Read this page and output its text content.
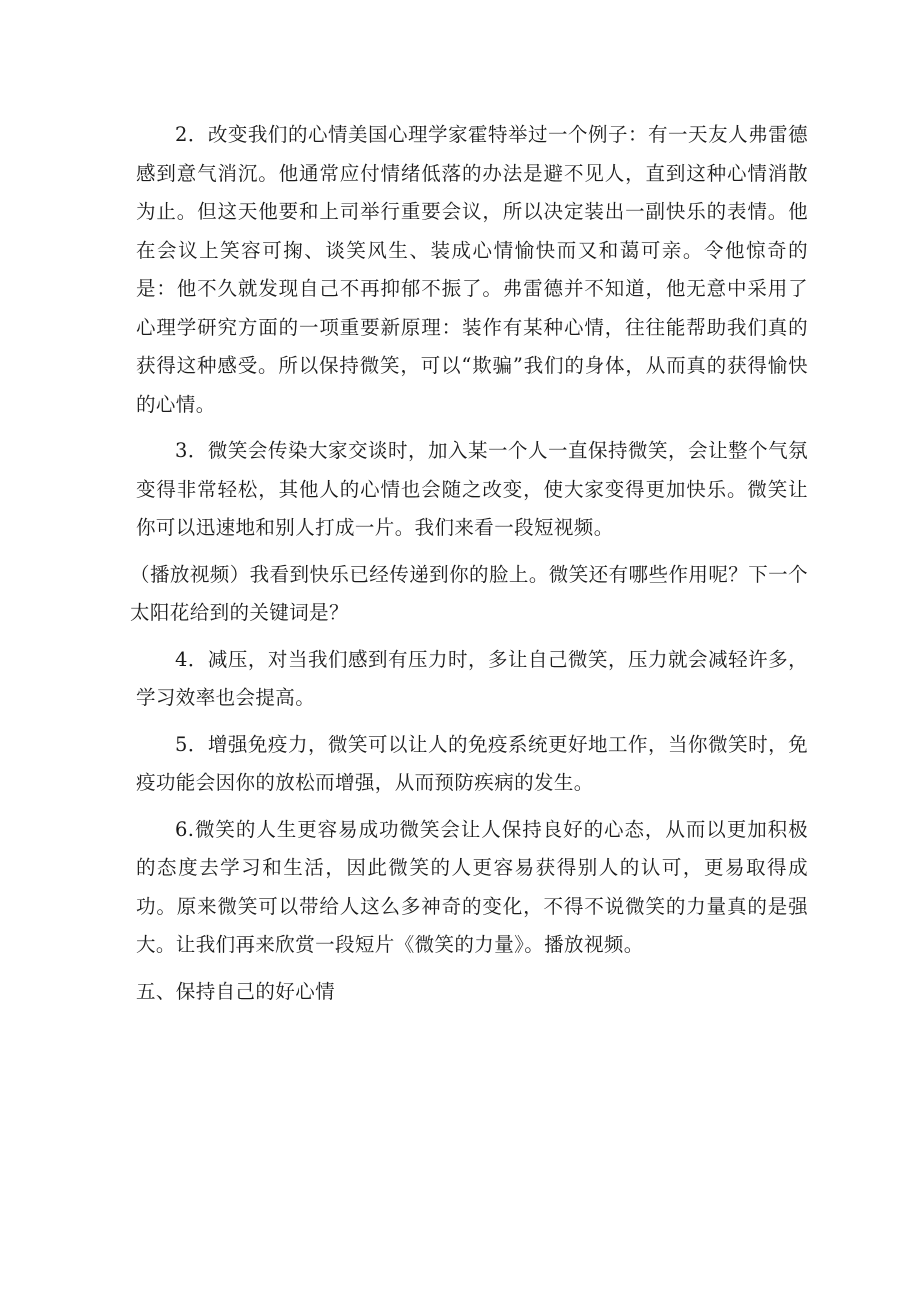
2．改变我们的心情美国心理学家霍特举过一个例子：有一天友人弗雷德感到意气消沉。他通常应付情绪低落的办法是避不见人，直到这种心情消散为止。但这天他要和上司举行重要会议，所以决定装出一副快乐的表情。他在会议上笑容可掬、谈笑风生、装成心情愉快而又和蔼可亲。令他惊奇的是：他不久就发现自己不再抑郁不振了。弗雷德并不知道，他无意中采用了心理学研究方面的一项重要新原理：装作有某种心情，往往能帮助我们真的获得这种感受。所以保持微笑，可以“欺骗”我们的身体，从而真的获得愉快的心情。

3．微笑会传染大家交谈时，加入某一个人一直保持微笑，会让整个气氛变得非常轻松，其他人的心情也会随之改变，使大家变得更加快乐。微笑让你可以迅速地和别人打成一片。我们来看一段短视频。

（播放视频）我看到快乐已经传递到你的脸上。微笑还有哪些作用呢？下一个太阳花给到的关键词是？

4．减压，对当我们感到有压力时，多让自己微笑，压力就会减轻许多，学习效率也会提高。

5．增强免疫力，微笑可以让人的免疫系统更好地工作，当你微笑时，免疫功能会因你的放松而增强，从而预防疾病的发生。

6.微笑的人生更容易成功微笑会让人保持良好的心态，从而以更加积极的态度去学习和生活，因此微笑的人更容易获得别人的认可，更易取得成功。原来微笑可以带给人这么多神奇的变化，不得不说微笑的力量真的是强大。让我们再来欣赏一段短片《微笑的力量》。播放视频。

五、保持自己的好心情
